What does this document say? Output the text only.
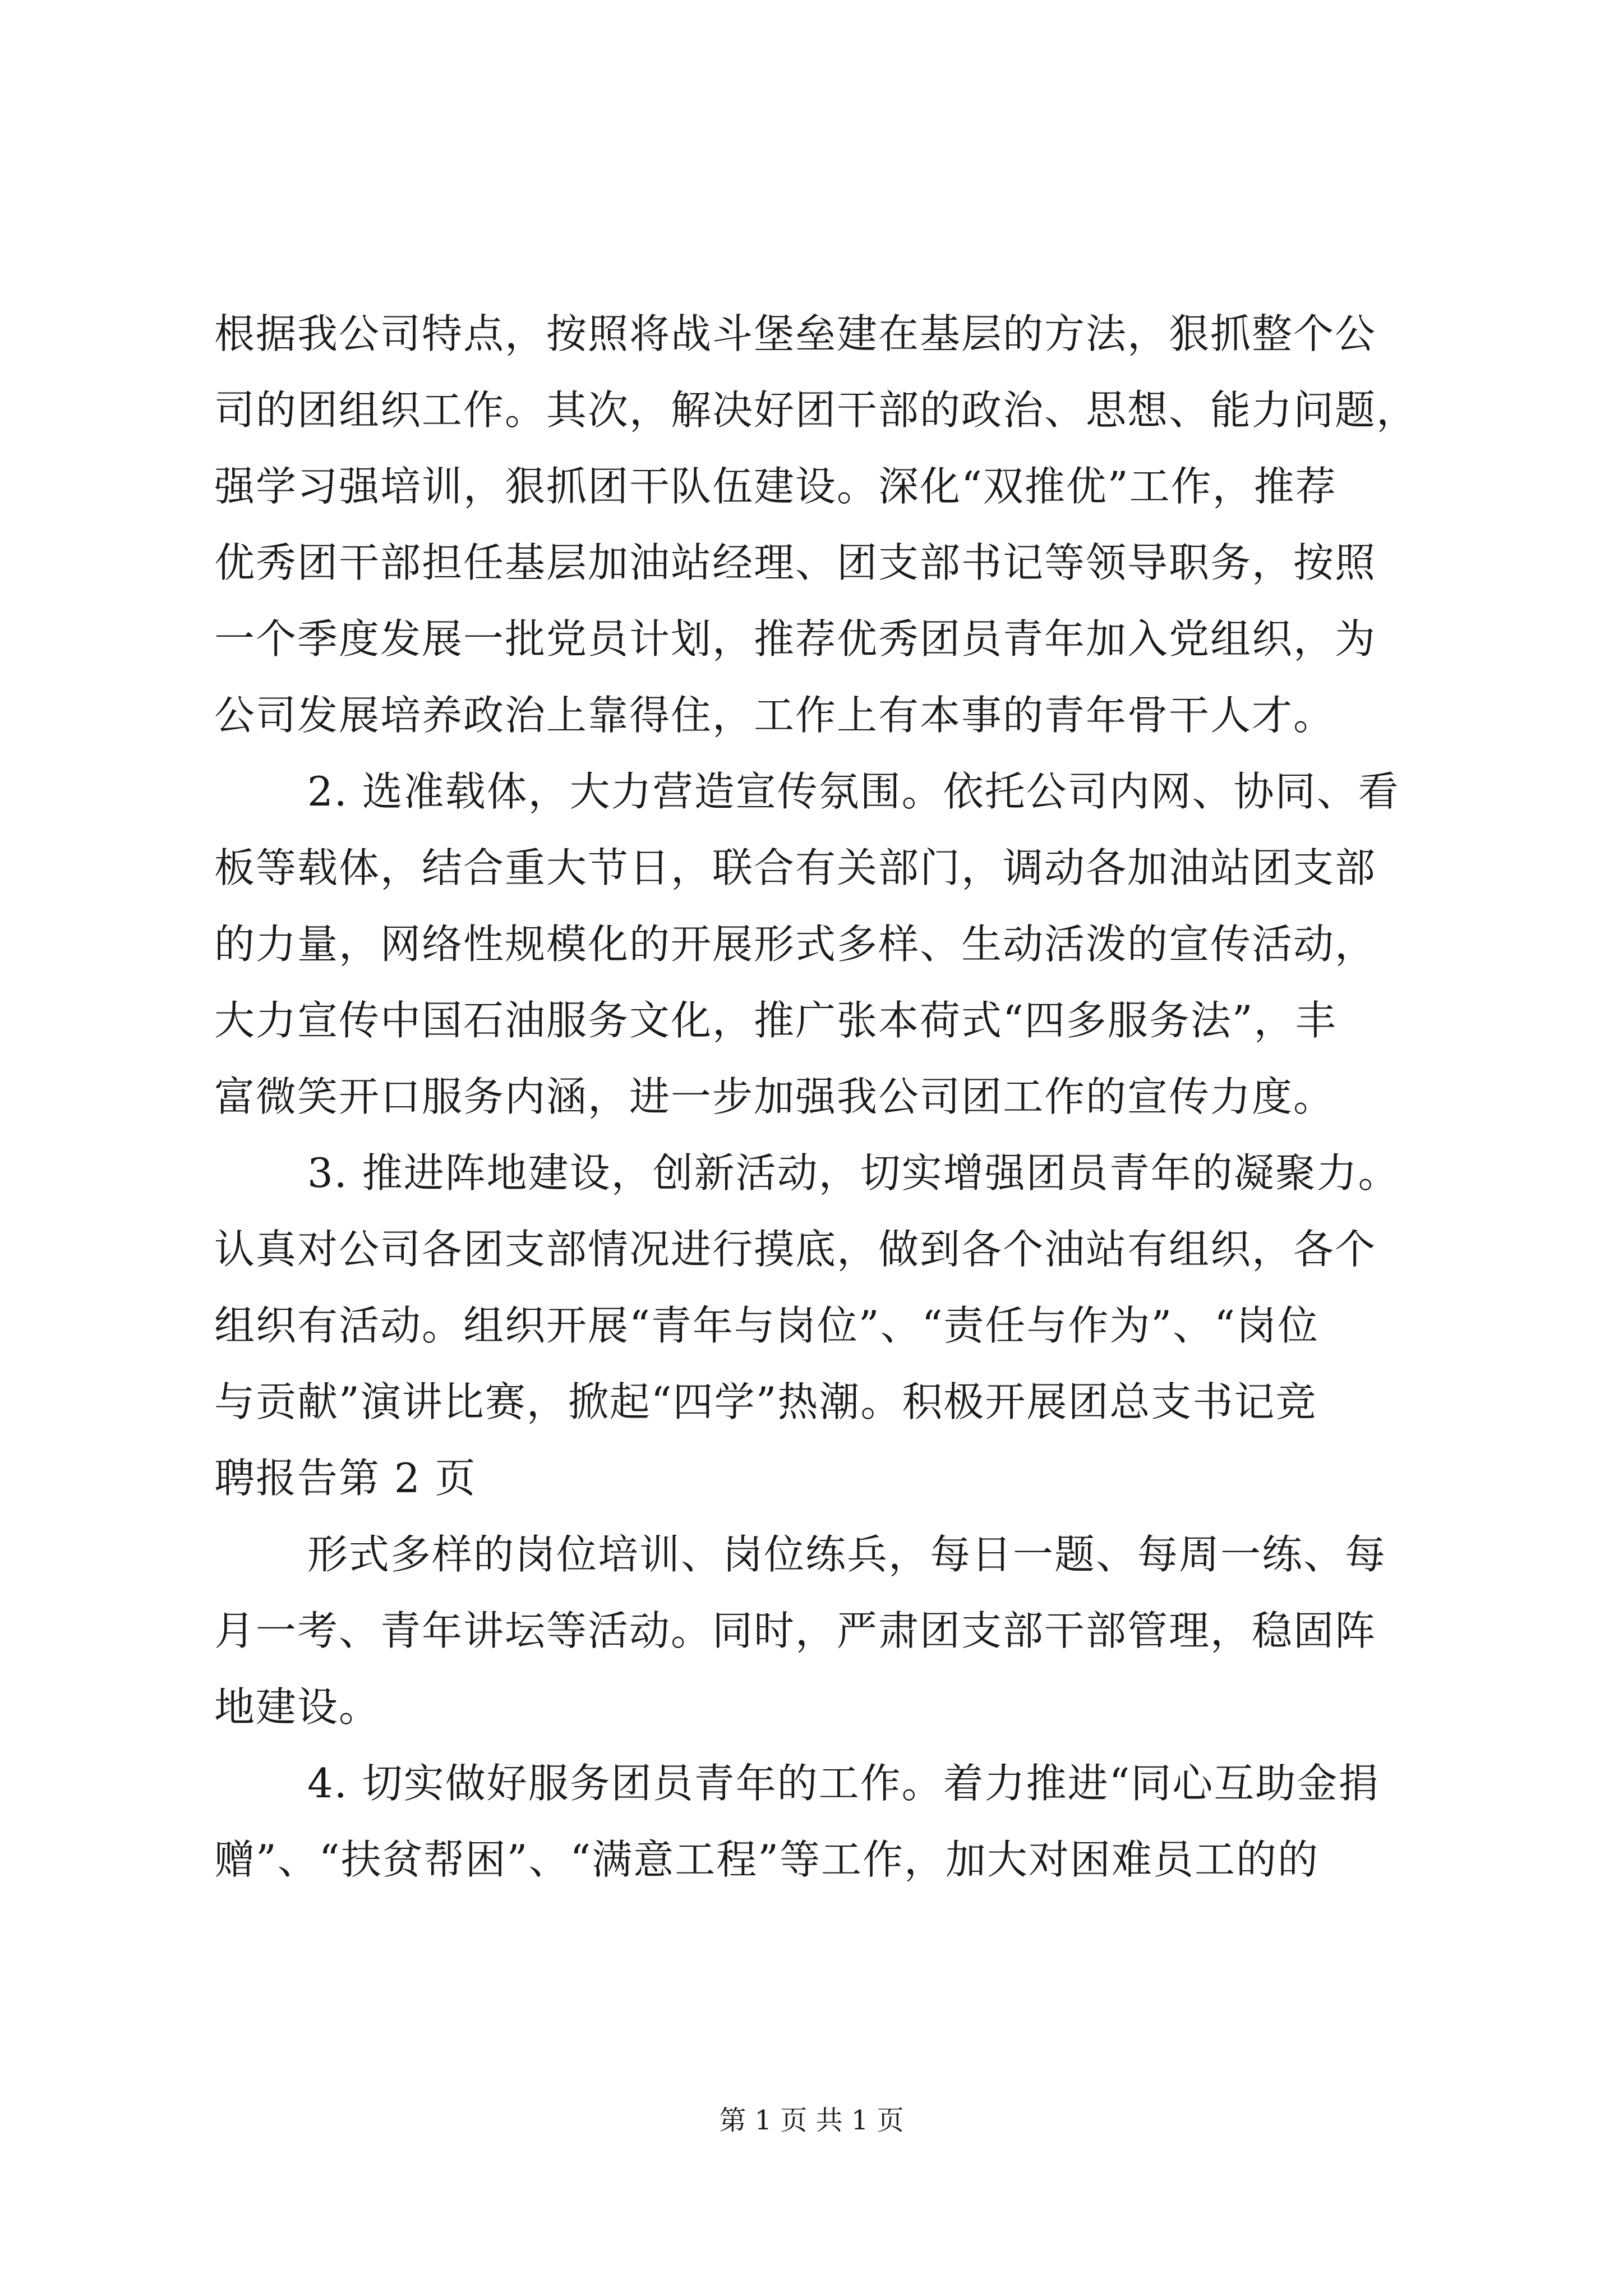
根据我公司特点，按照将战斗堡垒建在基层的方法，狠抓整个公
司的团组织工作。其次，解决好团干部的政治、思想、能力问题，
强学习强培训，狠抓团干队伍建设。深化“双推优”工作，推荐
优秀团干部担任基层加油站经理、团支部书记等领导职务，按照
一个季度发展一批党员计划，推荐优秀团员青年加入党组织，为
公司发展培养政治上靠得住，工作上有本事的青年骨干人才。
2. 选准载体，大力营造宣传氛围。依托公司内网、协同、看
板等载体，结合重大节日，联合有关部门，调动各加油站团支部
的力量，网络性规模化的开展形式多样、生动活泼的宣传活动，
大力宣传中国石油服务文化，推广张本荷式“四多服务法”，丰
富微笑开口服务内涵，进一步加强我公司团工作的宣传力度。
3. 推进阵地建设，创新活动，切实增强团员青年的凝聚力。
认真对公司各团支部情况进行摸底，做到各个油站有组织，各个
组织有活动。组织开展“青年与岗位”、“责任与作为”、“岗位
与贡献”演讲比赛，掀起“四学”热潮。积极开展团总支书记竞
聘报告第 2 页
形式多样的岗位培训、岗位练兵，每日一题、每周一练、每
月一考、青年讲坛等活动。同时，严肃团支部干部管理，稳固阵
地建设。
4. 切实做好服务团员青年的工作。着力推进“同心互助金捐
赠”、“扶贫帮困”、“满意工程”等工作，加大对困难员工的的
第 1 页 共 1 页
